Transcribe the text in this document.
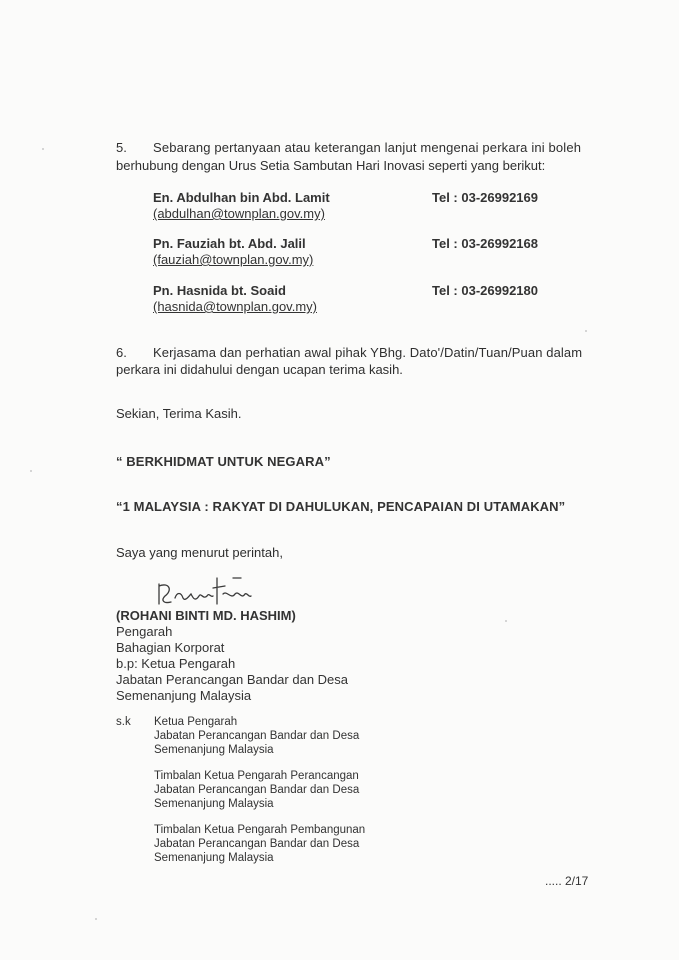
5. Sebarang pertanyaan atau keterangan lanjut mengenai perkara ini boleh
berhubung dengan Urus Setia Sambutan Hari Inovasi seperti yang berikut:
En. Abdulhan bin Abd. Lamit
(abdulhan@townplan.gov.my)
Tel : 03-26992169
Pn. Fauziah bt. Abd. Jalil
(fauziah@townplan.gov.my)
Tel : 03-26992168
Pn. Hasnida bt. Soaid
(hasnida@townplan.gov.my)
Tel : 03-26992180
6. Kerjasama dan perhatian awal pihak YBhg. Dato'/Datin/Tuan/Puan dalam
perkara ini didahului dengan ucapan terima kasih.
Sekian, Terima Kasih.
“ BERKHIDMAT UNTUK NEGARA”
“1 MALAYSIA : RAKYAT DI DAHULUKAN, PENCAPAIAN DI UTAMAKAN”
Saya yang menurut perintah,
(ROHANI BINTI MD. HASHIM)
Pengarah
Bahagian Korporat
b.p: Ketua Pengarah
Jabatan Perancangan Bandar dan Desa
Semenanjung Malaysia
s.k Ketua Pengarah
Jabatan Perancangan Bandar dan Desa
Semenanjung Malaysia
Timbalan Ketua Pengarah Perancangan
Jabatan Perancangan Bandar dan Desa
Semenanjung Malaysia
Timbalan Ketua Pengarah Pembangunan
Jabatan Perancangan Bandar dan Desa
Semenanjung Malaysia
..... 2/17
